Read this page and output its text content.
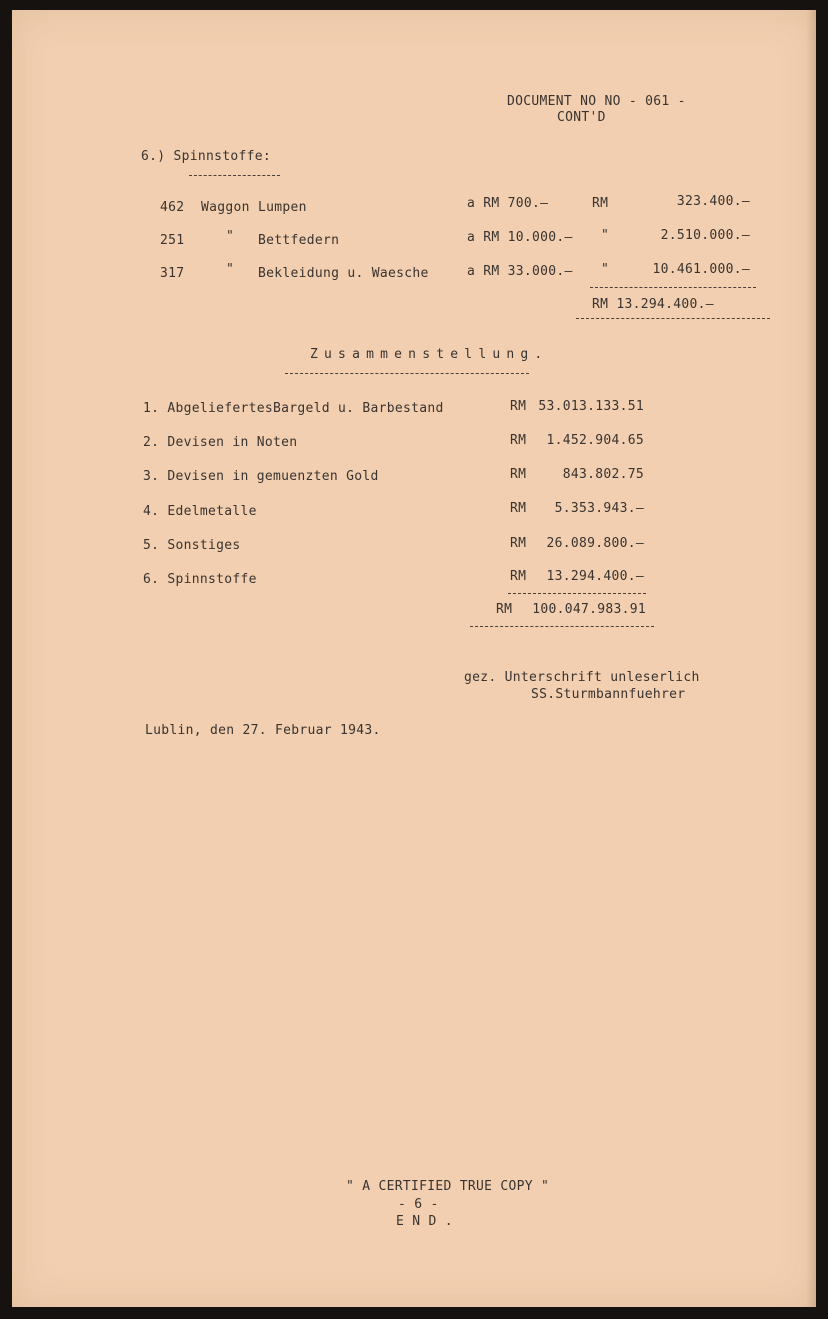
DOCUMENT NO NO - 061 -
CONT'D
6.) Spinnstoffe:
462 Waggon Lumpen	a RM 700.—	RM	323.400.—
251	" Bettfedern	a RM 10.000.— "	2.510.000.—
317	" Bekleidung u. Waesche	a RM 33.000.— "	10.461.000.—
RM 13.294.400.—
Zusammenstellung.
1. AbgeliefertesBargeld u. Barbestand	RM 53.013.133.51
2. Devisen in Noten	RM	1.452.904.65
3. Devisen in gemuenzten Gold	RM	843.802.75
4. Edelmetalle	RM	5.353.943.—
5. Sonstiges	RM	26.089.800.—
6. Spinnstoffe	RM	13.294.400.—
RM	100.047.983.91
gez. Unterschrift unleserlich
SS.Sturmbannfuehrer
Lublin, den 27. Februar 1943.
" A CERTIFIED TRUE COPY "
- 6 -
E N D .
